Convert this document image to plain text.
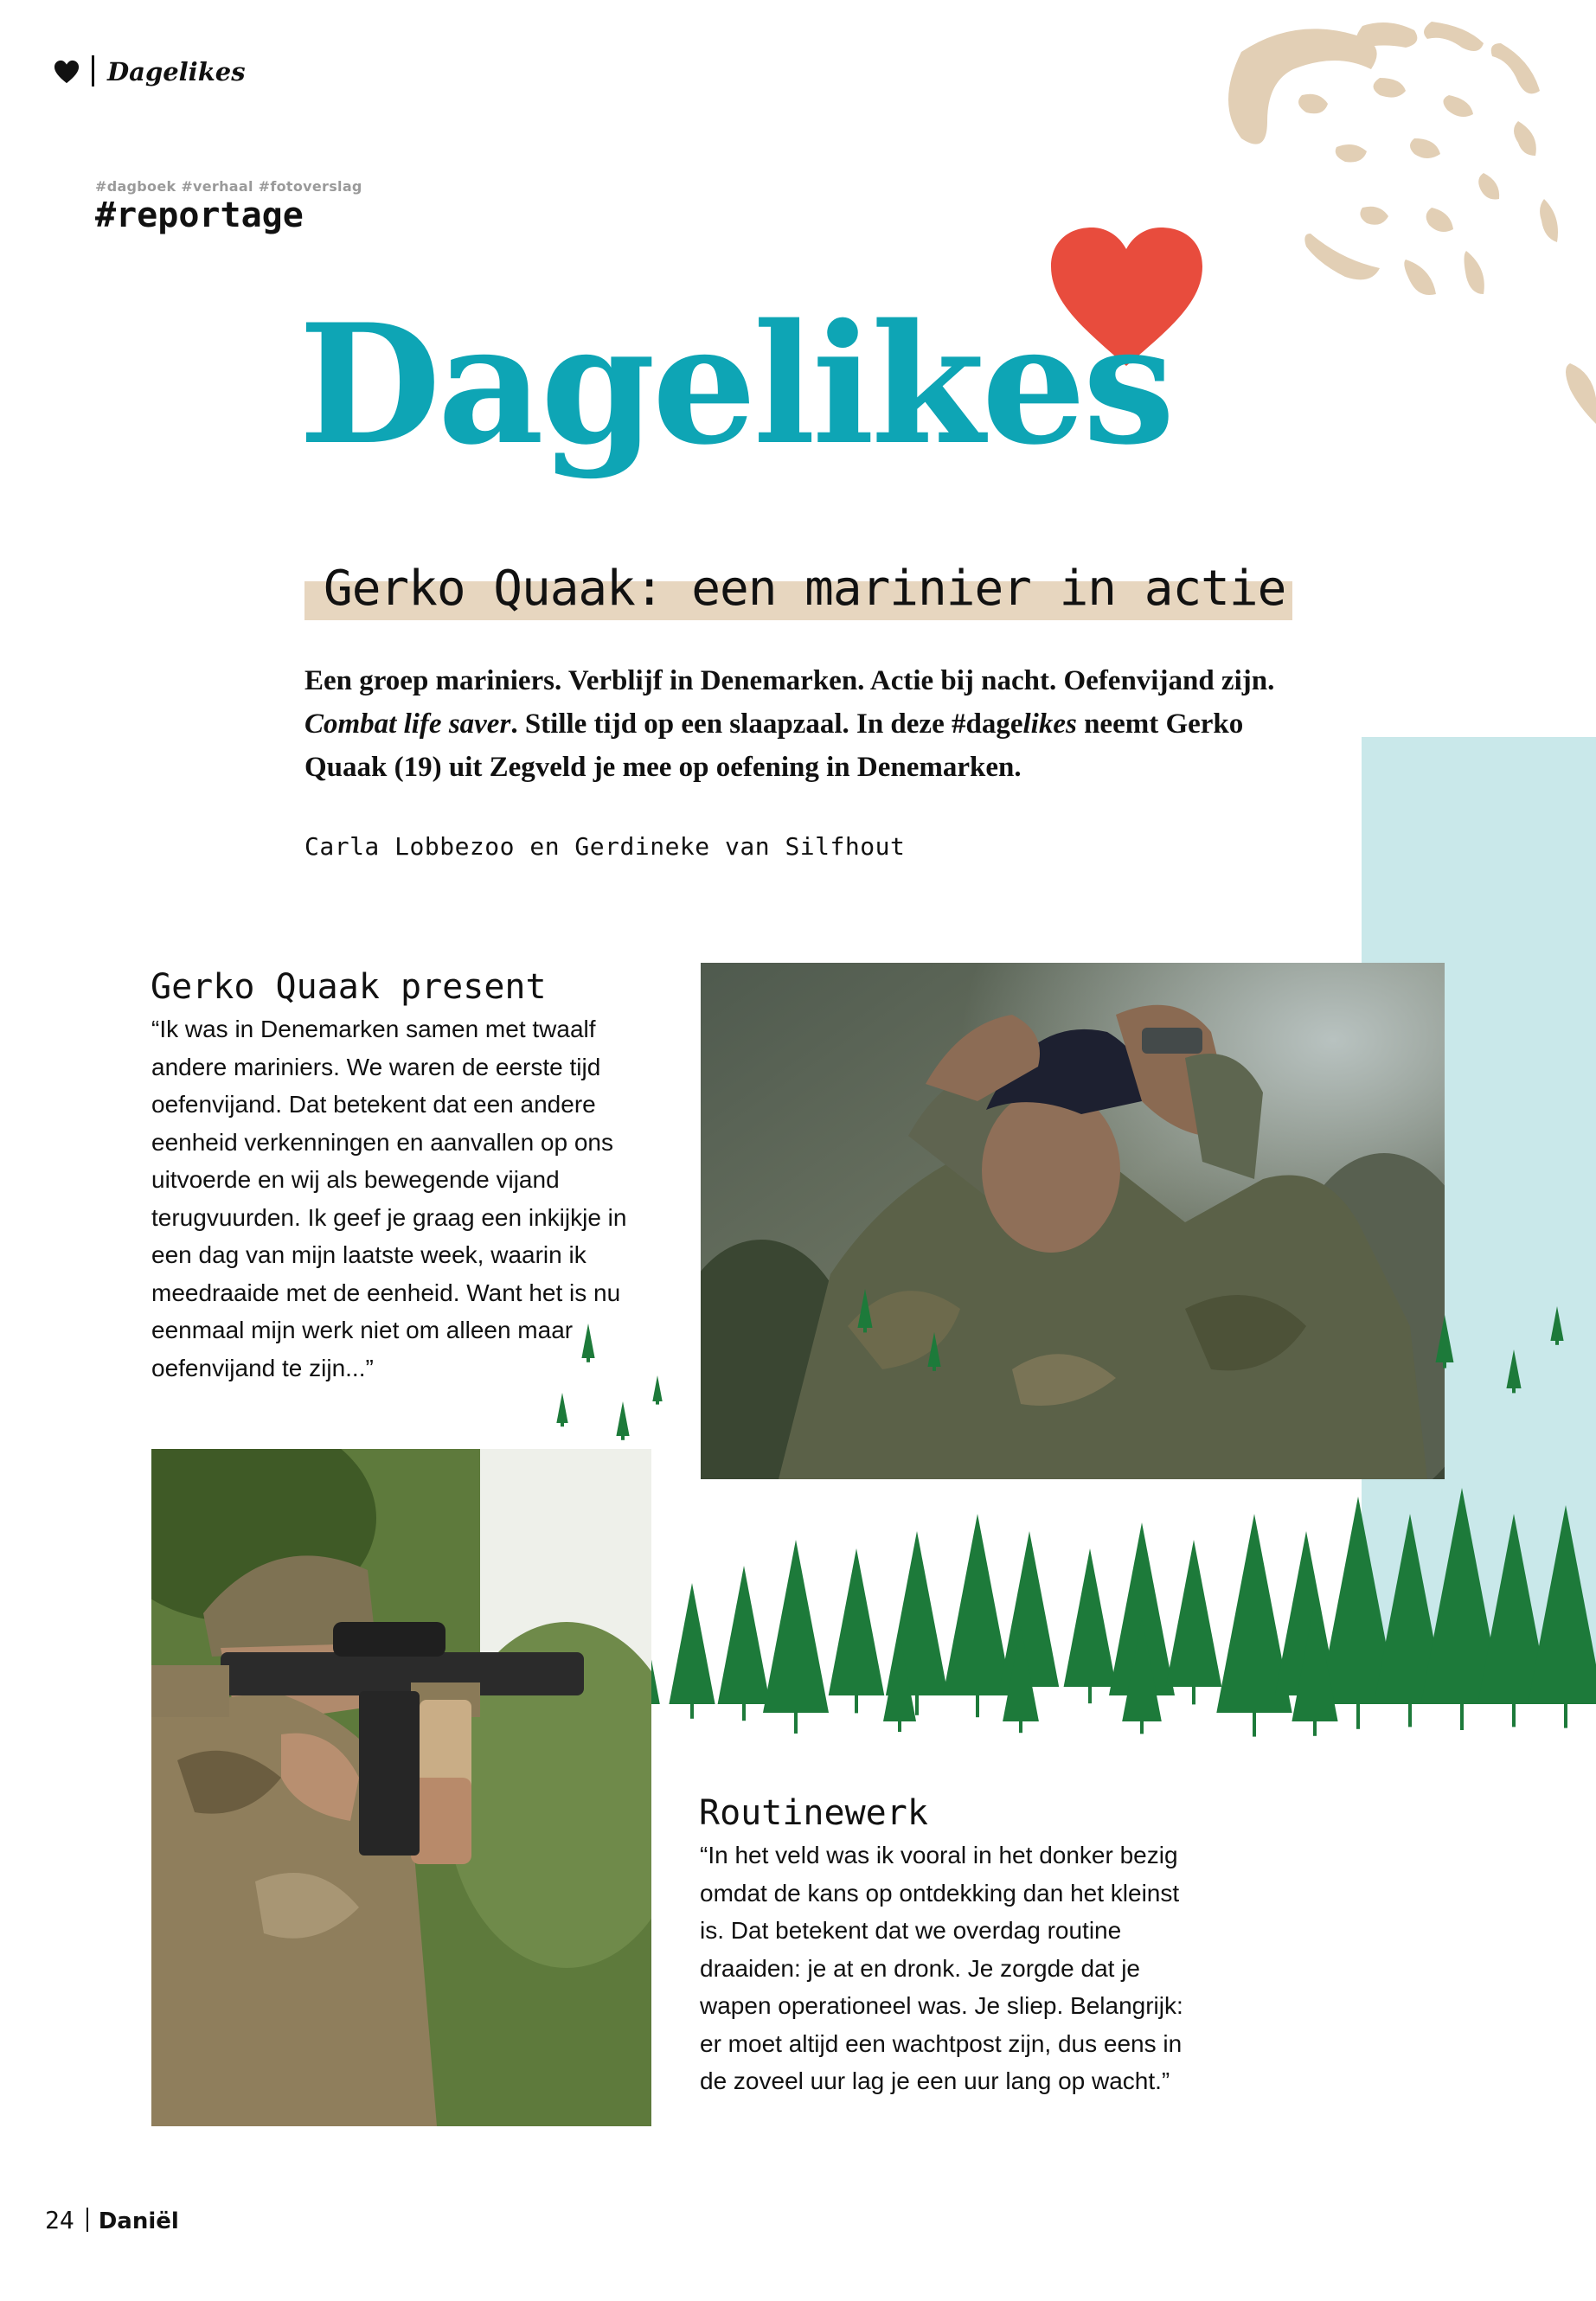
Dagelikes
#dagboek #verhaal #fotoverslag
#reportage
Dagelikes
Gerko Quaak: een marinier in actie
Een groep mariniers. Verblijf in Denemarken. Actie bij nacht. Oefenvijand zijn. Combat life saver. Stille tijd op een slaapzaal. In deze #dagelikes neemt Gerko Quaak (19) uit Zegveld je mee op oefening in Denemarken.
Carla Lobbezoo en Gerdineke van Silfhout
Gerko Quaak present
“Ik was in Denemarken samen met twaalf andere mariniers. We waren de eerste tijd oefenvijand. Dat betekent dat een andere eenheid verkenningen en aanvallen op ons uitvoerde en wij als bewegende vijand terugvuurden. Ik geef je graag een inkijkje in een dag van mijn laatste week, waarin ik meedraaide met de eenheid. Want het is nu eenmaal mijn werk niet om alleen maar oefenvijand te zijn...”
Routinewerk
“In het veld was ik vooral in het donker bezig omdat de kans op ontdekking dan het kleinst is. Dat betekent dat we overdag routine draaiden: je at en dronk. Je zorgde dat je wapen operationeel was. Je sliep. Belangrijk: er moet altijd een wachtpost zijn, dus eens in de zoveel uur lag je een uur lang op wacht.”
24 Daniël
